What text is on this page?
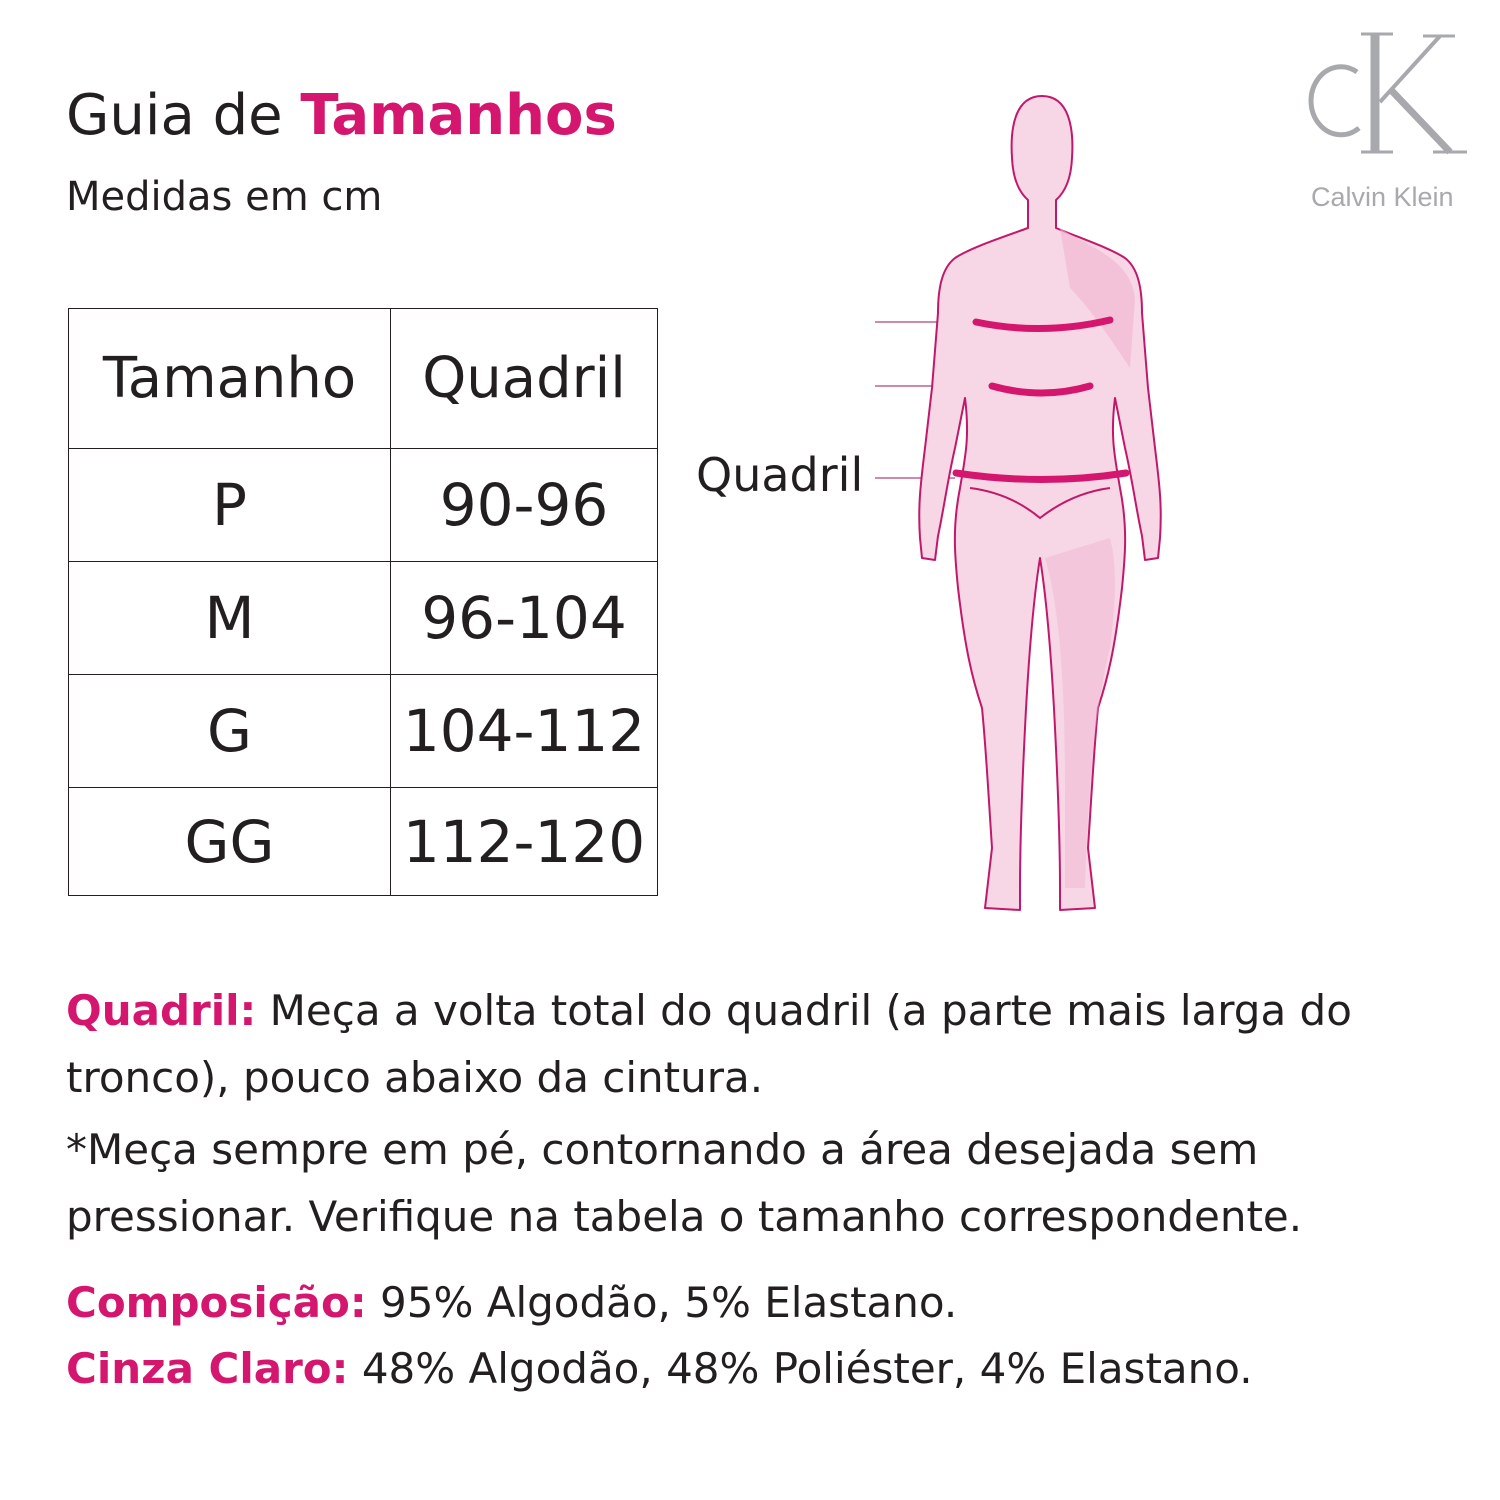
Guia de Tamanhos
Medidas em cm	Calvin Klein
Tamanho	Quadril
P	90-96
M	96-104
G	104-112
GG	112-120
Quadril
Quadril: Meça a volta total do quadril (a parte mais larga do tronco), pouco abaixo da cintura.
*Meça sempre em pé, contornando a área desejada sem pressionar. Verifique na tabela o tamanho correspondente.
Composição: 95% Algodão, 5% Elastano.
Cinza Claro: 48% Algodão, 48% Poliéster, 4% Elastano.
